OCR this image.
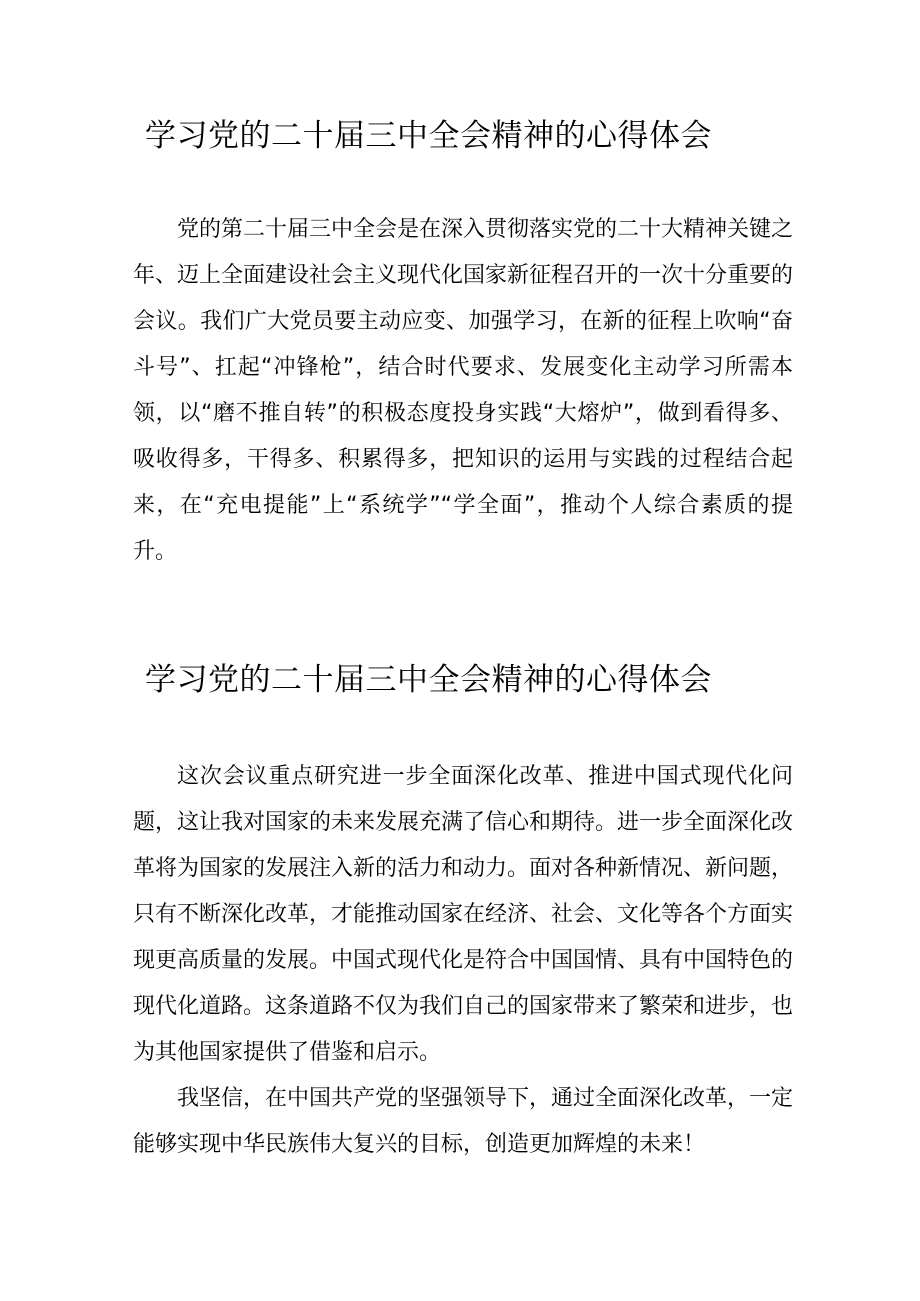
学习党的二十届三中全会精神的心得体会

党的第二十届三中全会是在深入贯彻落实党的二十大精神关键之年、迈上全面建设社会主义现代化国家新征程召开的一次十分重要的会议。我们广大党员要主动应变、加强学习，在新的征程上吹响“奋斗号”、扛起“冲锋枪”，结合时代要求、发展变化主动学习所需本领，以“磨不推自转”的积极态度投身实践“大熔炉”，做到看得多、吸收得多，干得多、积累得多，把知识的运用与实践的过程结合起来，在“充电提能”上“系统学”“学全面”，推动个人综合素质的提升。

学习党的二十届三中全会精神的心得体会

这次会议重点研究进一步全面深化改革、推进中国式现代化问题，这让我对国家的未来发展充满了信心和期待。进一步全面深化改革将为国家的发展注入新的活力和动力。面对各种新情况、新问题，只有不断深化改革，才能推动国家在经济、社会、文化等各个方面实现更高质量的发展。中国式现代化是符合中国国情、具有中国特色的现代化道路。这条道路不仅为我们自己的国家带来了繁荣和进步，也为其他国家提供了借鉴和启示。

我坚信，在中国共产党的坚强领导下，通过全面深化改革，一定能够实现中华民族伟大复兴的目标，创造更加辉煌的未来！
